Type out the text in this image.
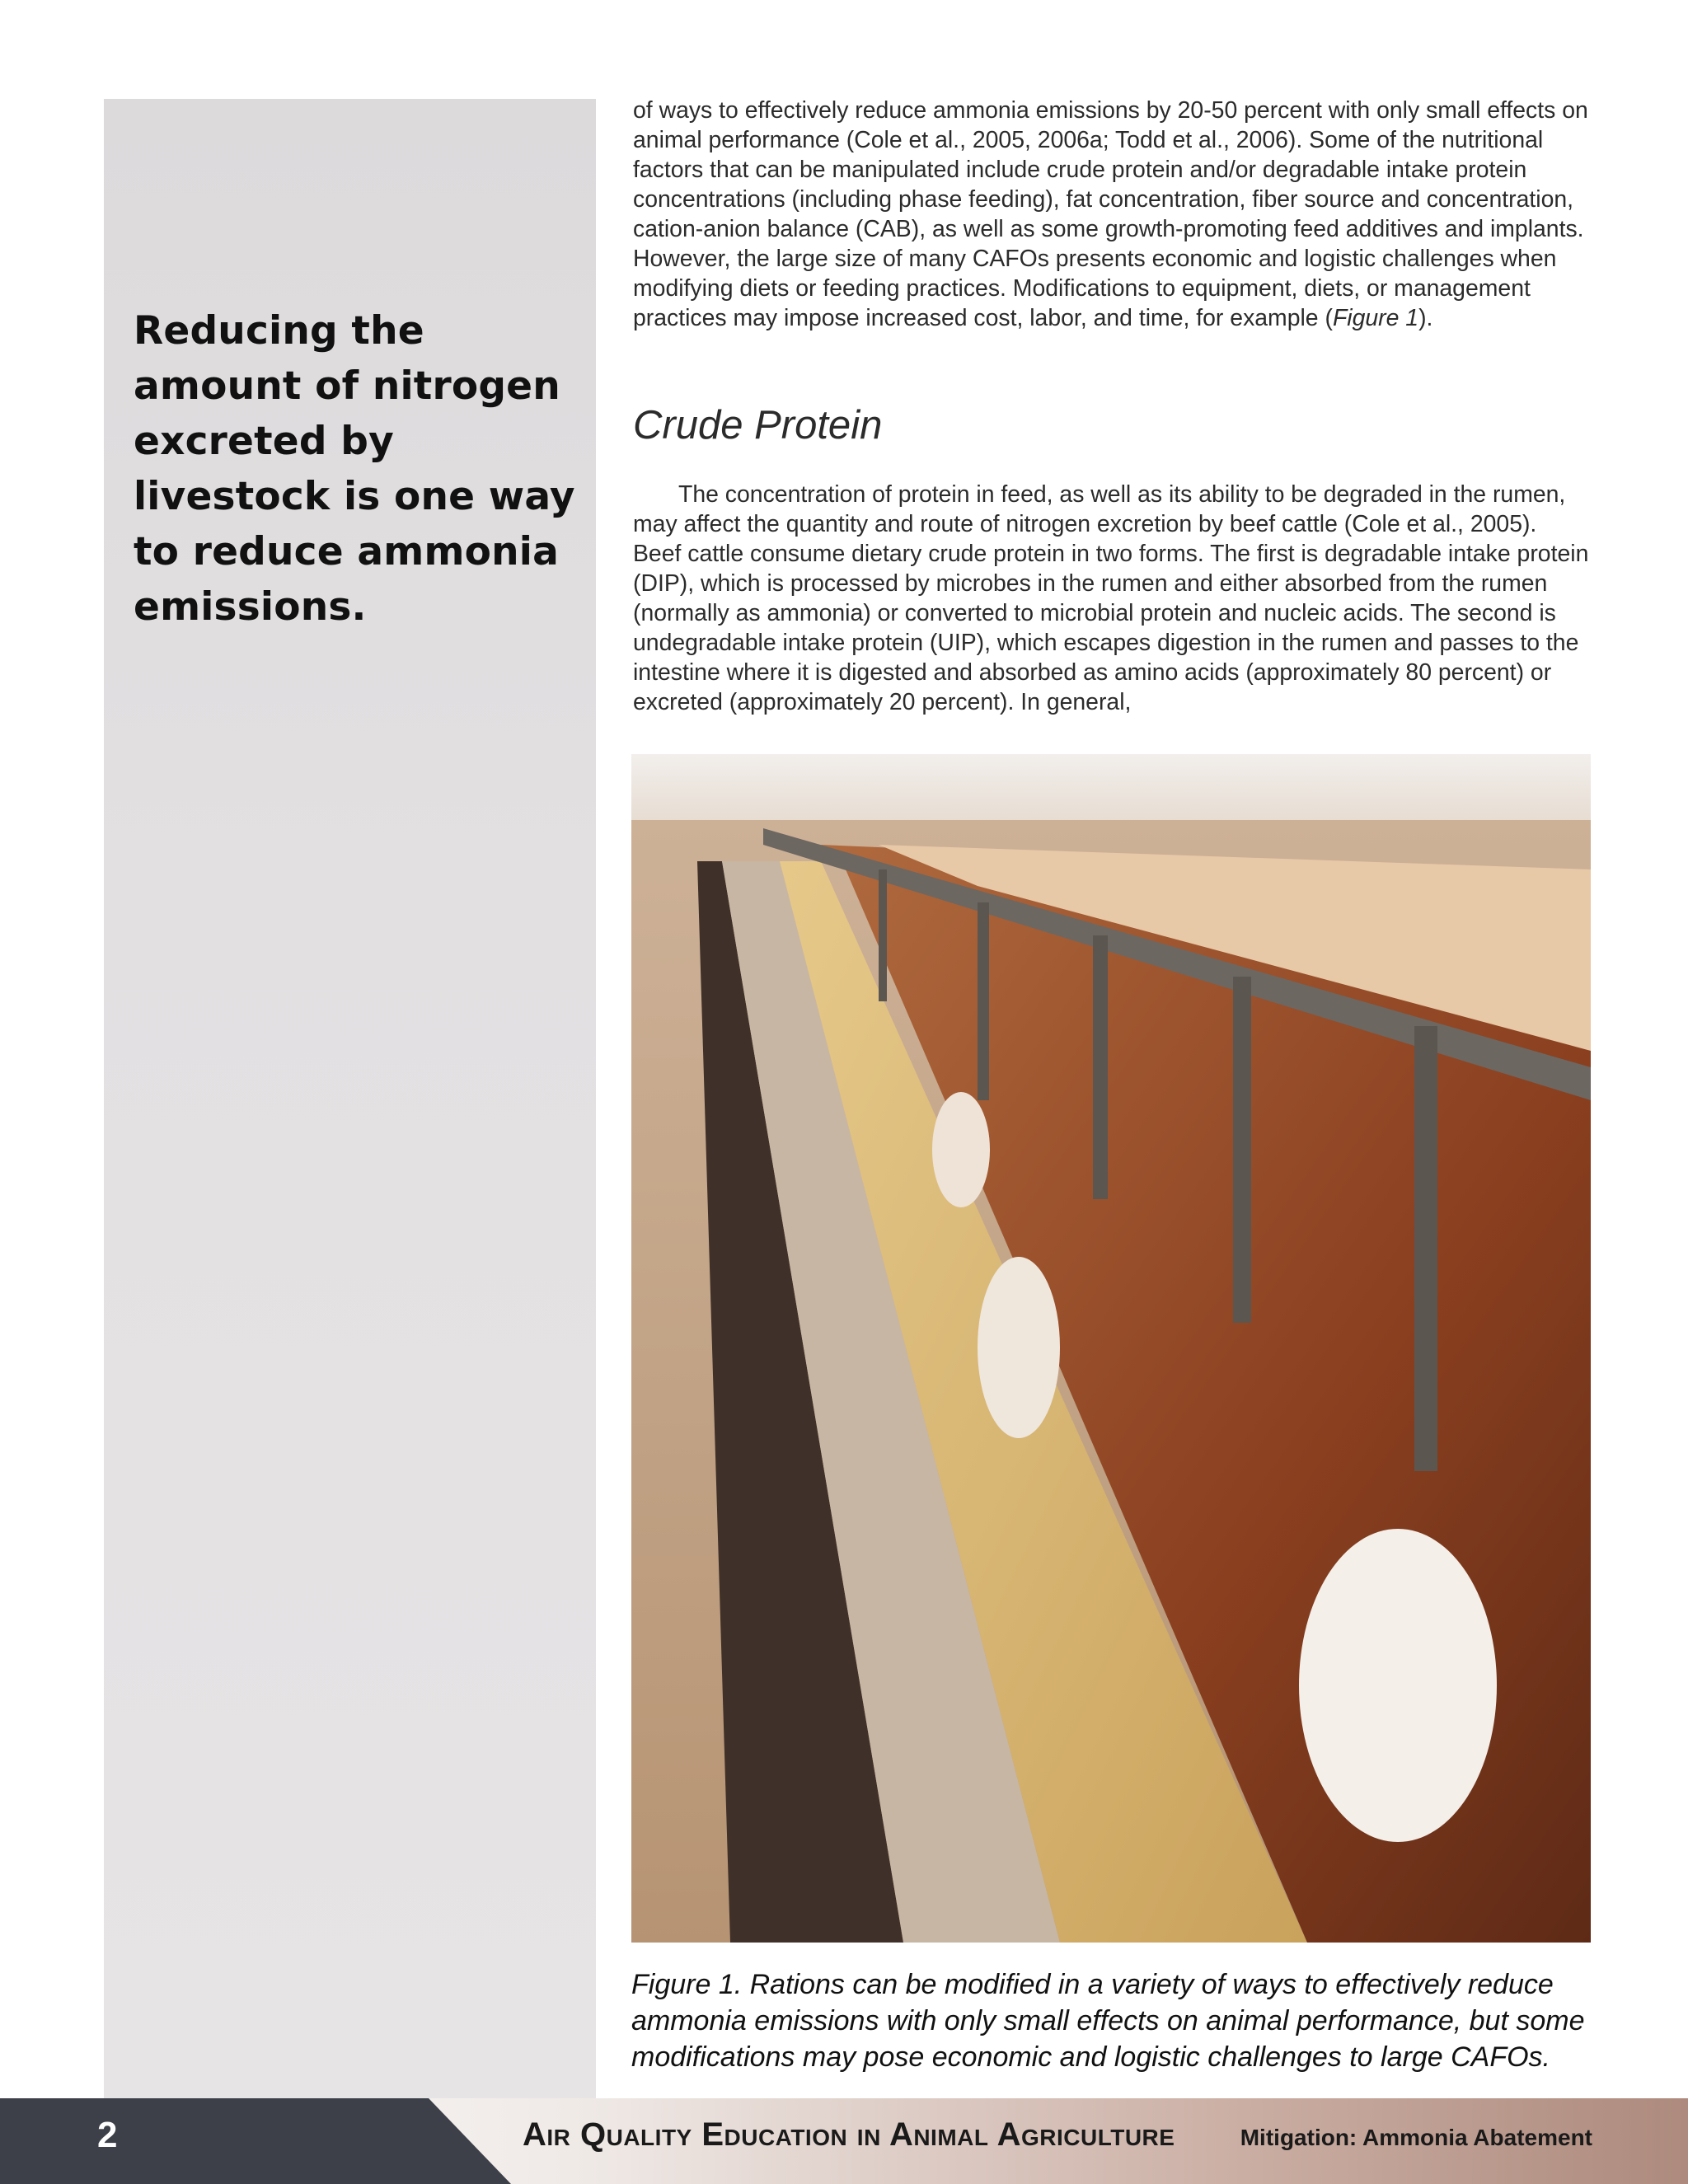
Reducing the amount of nitrogen excreted by livestock is one way to reduce ammonia emissions.

of ways to effectively reduce ammonia emissions by 20-50 percent with only small effects on animal performance (Cole et al., 2005, 2006a; Todd et al., 2006). Some of the nutritional factors that can be manipulated include crude protein and/or degradable intake protein concentrations (including phase feeding), fat concentration, fiber source and concentration, cation-anion balance (CAB), as well as some growth-promoting feed additives and implants. However, the large size of many CAFOs presents economic and logistic challenges when modifying diets or feeding practices. Modifications to equipment, diets, or management practices may impose increased cost, labor, and time, for example (Figure 1).

Crude Protein

The concentration of protein in feed, as well as its ability to be degraded in the rumen, may affect the quantity and route of nitrogen excretion by beef cattle (Cole et al., 2005). Beef cattle consume dietary crude protein in two forms. The first is degradable intake protein (DIP), which is processed by microbes in the rumen and either absorbed from the rumen (normally as ammonia) or converted to microbial protein and nucleic acids. The second is undegradable intake protein (UIP), which escapes digestion in the rumen and passes to the intestine where it is digested and absorbed as amino acids (approximately 80 percent) or excreted (approximately 20 percent). In general,

Figure 1. Rations can be modified in a variety of ways to effectively reduce ammonia emissions with only small effects on animal performance, but some modifications may pose economic and logistic challenges to large CAFOs.
2	Air Quality Education in Animal Agriculture	Mitigation: Ammonia Abatement
